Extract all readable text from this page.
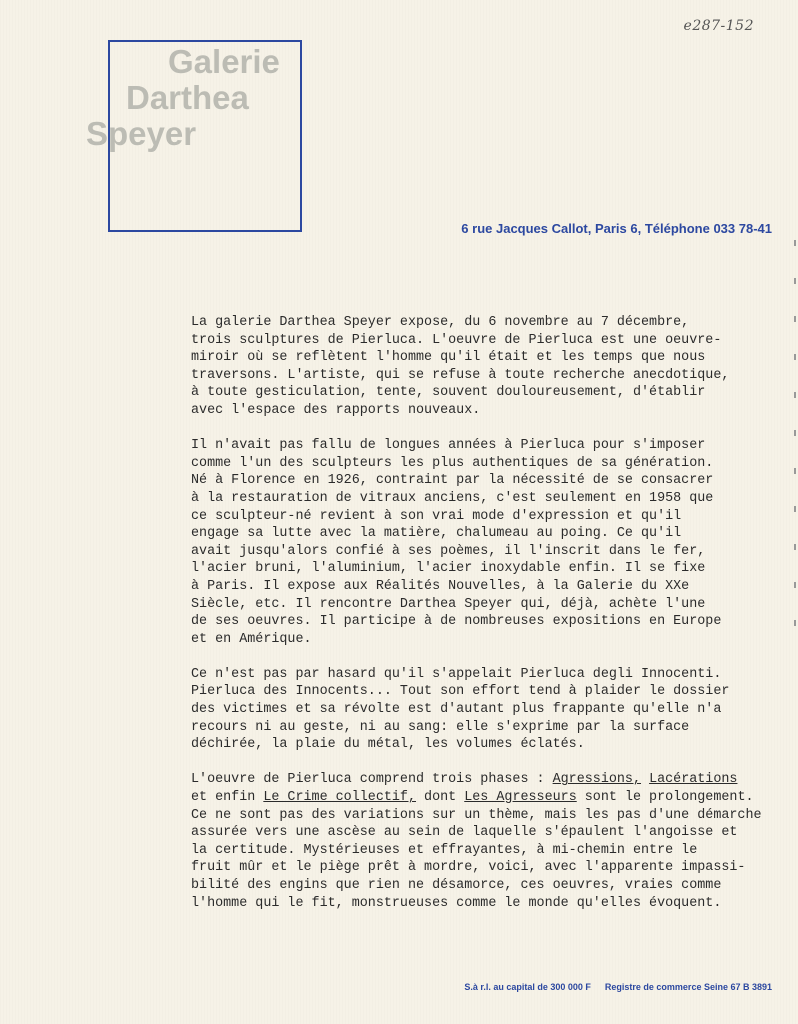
e287-152
Galerie
Darthea
Speyer
6 rue Jacques Callot, Paris 6, Téléphone 033 78-41

La galerie Darthea Speyer expose, du 6 novembre au 7 décembre,
trois sculptures de Pierluca. L'oeuvre de Pierluca est une oeuvre-
miroir où se reflètent l'homme qu'il était et les temps que nous
traversons. L'artiste, qui se refuse à toute recherche anecdotique,
à toute gesticulation, tente, souvent douloureusement, d'établir
avec l'espace des rapports nouveaux.

Il n'avait pas fallu de longues années à Pierluca pour s'imposer
comme l'un des sculpteurs les plus authentiques de sa génération.
Né à Florence en 1926, contraint par la nécessité de se consacrer
à la restauration de vitraux anciens, c'est seulement en 1958 que
ce sculpteur-né revient à son vrai mode d'expression et qu'il
engage sa lutte avec la matière, chalumeau au poing. Ce qu'il
avait jusqu'alors confié à ses poèmes, il l'inscrit dans le fer,
l'acier bruni, l'aluminium, l'acier inoxydable enfin. Il se fixe
à Paris. Il expose aux Réalités Nouvelles, à la Galerie du XXe
Siècle, etc. Il rencontre Darthea Speyer qui, déjà, achète l'une
de ses oeuvres. Il participe à de nombreuses expositions en Europe
et en Amérique.

Ce n'est pas par hasard qu'il s'appelait Pierluca degli Innocenti.
Pierluca des Innocents... Tout son effort tend à plaider le dossier
des victimes et sa révolte est d'autant plus frappante qu'elle n'a
recours ni au geste, ni au sang: elle s'exprime par la surface
déchirée, la plaie du métal, les volumes éclatés.

L'oeuvre de Pierluca comprend trois phases : Agressions, Lacérations
et enfin Le Crime collectif, dont Les Agresseurs sont le prolongement.
Ce ne sont pas des variations sur un thème, mais les pas d'une démarche
assurée vers une ascèse au sein de laquelle s'épaulent l'angoisse et
la certitude. Mystérieuses et effrayantes, à mi-chemin entre le
fruit mûr et le piège prêt à mordre, voici, avec l'apparente impassi-
bilité des engins que rien ne désamorce, ces oeuvres, vraies comme
l'homme qui le fit, monstrueuses comme le monde qu'elles évoquent.

S.à r.l. au capital de 300 000 F Registre de commerce Seine 67 B 3891
